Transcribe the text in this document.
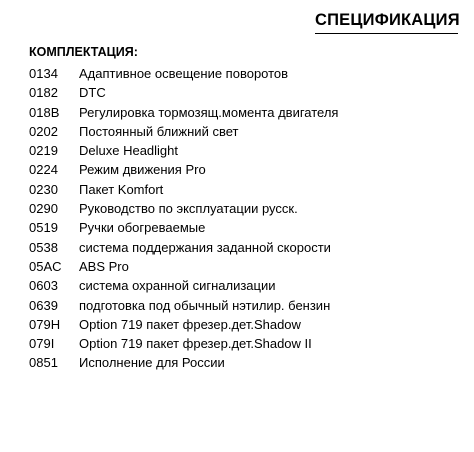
СПЕЦИФИКАЦИЯ
КОМПЛЕКТАЦИЯ:
0134	Адаптивное освещение поворотов
0182	DTC
018B	Регулировка тормозящ.момента двигателя
0202	Постоянный ближний свет
0219	Deluxe Headlight
0224	Режим движения Pro
0230	Пакет Komfort
0290	Руководство по эксплуатации русск.
0519	Ручки обогреваемые
0538	система поддержания заданной скорости
05AC	ABS Pro
0603	система охранной сигнализации
0639	подготовка под обычный нэтилир. бензин
079H	Option 719 пакет фрезер.дет.Shadow
079I	Option 719 пакет фрезер.дет.Shadow II
0851	Исполнение для России
